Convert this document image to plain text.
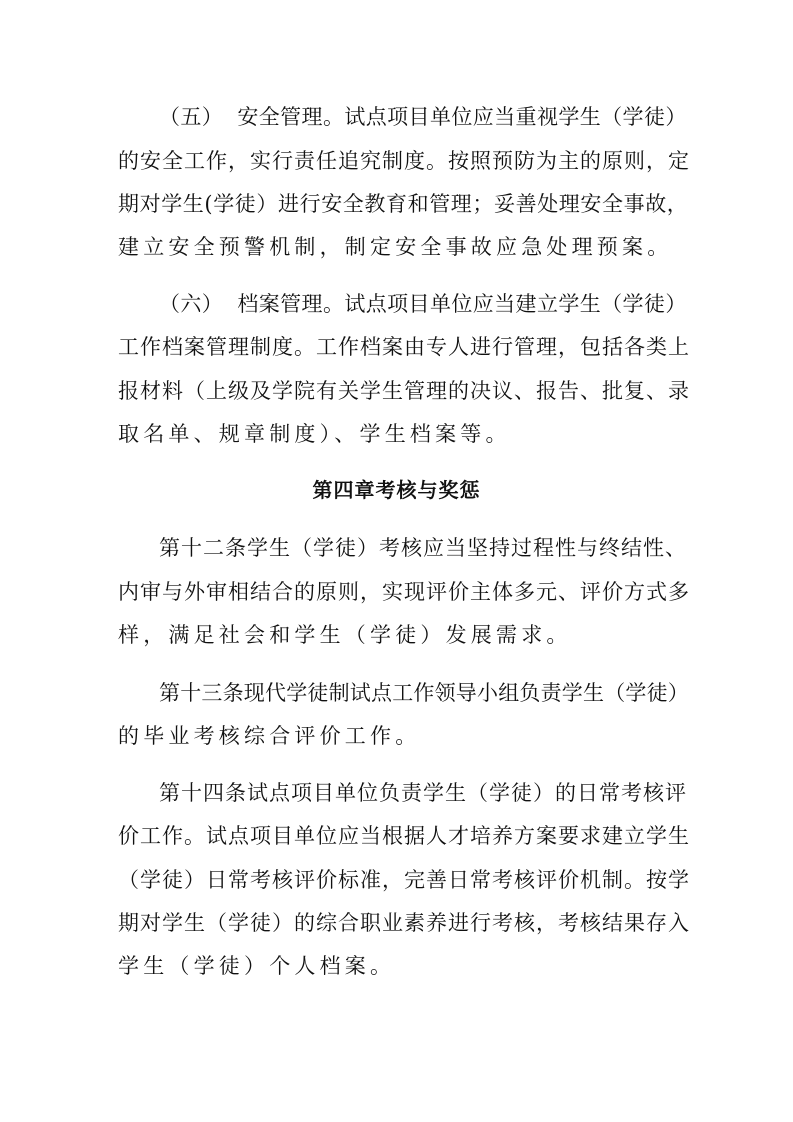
（五）  安全管理。试点项目单位应当重视学生（学徒）
的安全工作，实行责任追究制度。按照预防为主的原则，定
期对学生(学徒）进行安全教育和管理；妥善处理安全事故，
建立安全预警机制，制定安全事故应急处理预案。
（六）  档案管理。试点项目单位应当建立学生（学徒）
工作档案管理制度。工作档案由专人进行管理，包括各类上
报材料（上级及学院有关学生管理的决议、报告、批复、录
取名单、规章制度）、学生档案等。
第四章考核与奖惩
第十二条学生（学徒）考核应当坚持过程性与终结性、
内审与外审相结合的原则，实现评价主体多元、评价方式多
样，满足社会和学生（学徒）发展需求。
第十三条现代学徒制试点工作领导小组负责学生（学徒）
的毕业考核综合评价工作。
第十四条试点项目单位负责学生（学徒）的日常考核评
价工作。试点项目单位应当根据人才培养方案要求建立学生
（学徒）日常考核评价标准，完善日常考核评价机制。按学
期对学生（学徒）的综合职业素养进行考核，考核结果存入
学生（学徒）个人档案。
